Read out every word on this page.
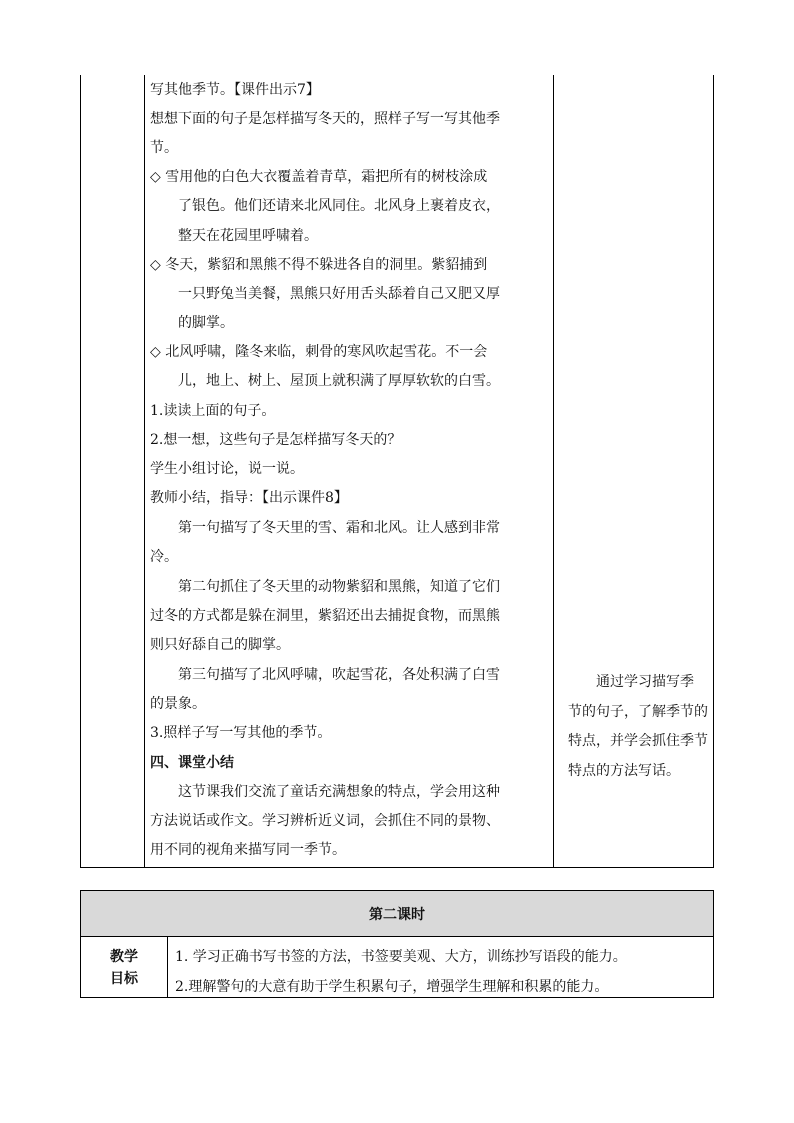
写其他季节。【课件出示7】
想想下面的句子是怎样描写冬天的，照样子写一写其他季
节。
◇ 雪用他的白色大衣覆盖着青草，霜把所有的树枝涂成
了银色。他们还请来北风同住。北风身上裹着皮衣，
整天在花园里呼啸着。
◇ 冬天，紫貂和黑熊不得不躲进各自的洞里。紫貂捕到
一只野兔当美餐，黑熊只好用舌头舔着自己又肥又厚
的脚掌。
◇ 北风呼啸，隆冬来临，刺骨的寒风吹起雪花。不一会
儿，地上、树上、屋顶上就积满了厚厚软软的白雪。
1.读读上面的句子。
2.想一想，这些句子是怎样描写冬天的？
学生小组讨论，说一说。
教师小结，指导：【出示课件8】
第一句描写了冬天里的雪、霜和北风。让人感到非常
冷。
第二句抓住了冬天里的动物紫貂和黑熊，知道了它们
过冬的方式都是躲在洞里，紫貂还出去捕捉食物，而黑熊
则只好舔自己的脚掌。
第三句描写了北风呼啸，吹起雪花，各处积满了白雪
的景象。
3.照样子写一写其他的季节。
四、课堂小结
这节课我们交流了童话充满想象的特点，学会用这种
方法说话或作文。学习辨析近义词，会抓住不同的景物、
用不同的视角来描写同一季节。
通过学习描写季
节的句子，了解季节的
特点，并学会抓住季节
特点的方法写话。
第二课时
教学
目标
1. 学习正确书写书签的方法，书签要美观、大方，训练抄写语段的能力。
2.理解警句的大意有助于学生积累句子，增强学生理解和积累的能力。
